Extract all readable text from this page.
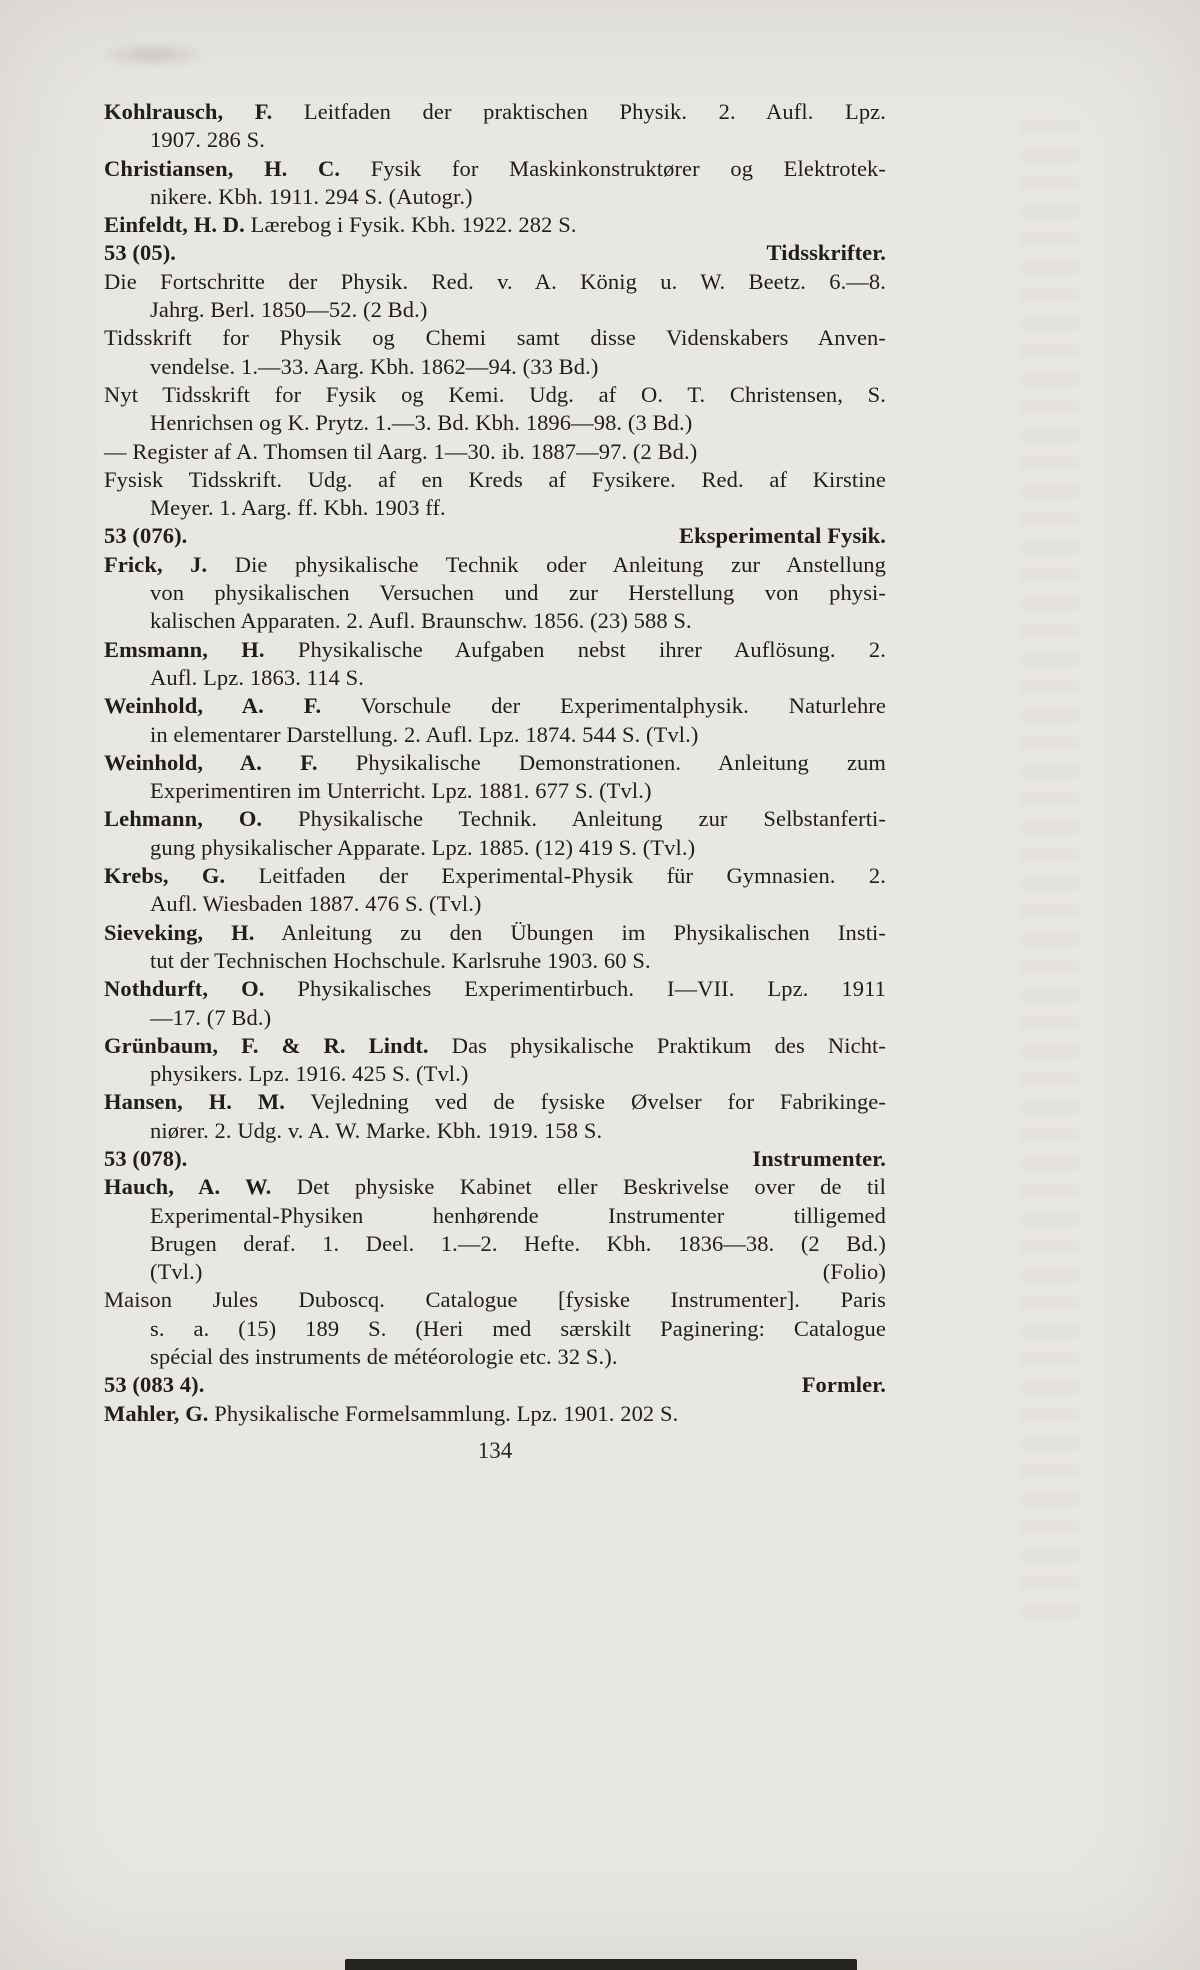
Kohlrausch, F. Leitfaden der praktischen Physik. 2. Aufl. Lpz.
1907. 286 S.
Christiansen, H. C. Fysik for Maskinkonstruktører og Elektrotek-
nikere. Kbh. 1911. 294 S. (Autogr.)
Einfeldt, H. D. Lærebog i Fysik. Kbh. 1922. 282 S.
53 (05).	Tidsskrifter.
Die Fortschritte der Physik. Red. v. A. König u. W. Beetz. 6.—8.
Jahrg. Berl. 1850—52. (2 Bd.)
Tidsskrift for Physik og Chemi samt disse Videnskabers Anven-
vendelse. 1.—33. Aarg. Kbh. 1862—94. (33 Bd.)
Nyt Tidsskrift for Fysik og Kemi. Udg. af O. T. Christensen, S.
Henrichsen og K. Prytz. 1.—3. Bd. Kbh. 1896—98. (3 Bd.)
— Register af A. Thomsen til Aarg. 1—30. ib. 1887—97. (2 Bd.)
Fysisk Tidsskrift. Udg. af en Kreds af Fysikere. Red. af Kirstine
Meyer. 1. Aarg. ff. Kbh. 1903 ff.
53 (076).	Eksperimental Fysik.
Frick, J. Die physikalische Technik oder Anleitung zur Anstellung
von physikalischen Versuchen und zur Herstellung von physi-
kalischen Apparaten. 2. Aufl. Braunschw. 1856. (23) 588 S.
Emsmann, H. Physikalische Aufgaben nebst ihrer Auflösung. 2.
Aufl. Lpz. 1863. 114 S.
Weinhold, A. F. Vorschule der Experimentalphysik. Naturlehre
in elementarer Darstellung. 2. Aufl. Lpz. 1874. 544 S. (Tvl.)
Weinhold, A. F. Physikalische Demonstrationen. Anleitung zum
Experimentiren im Unterricht. Lpz. 1881. 677 S. (Tvl.)
Lehmann, O. Physikalische Technik. Anleitung zur Selbstanferti-
gung physikalischer Apparate. Lpz. 1885. (12) 419 S. (Tvl.)
Krebs, G. Leitfaden der Experimental-Physik für Gymnasien. 2.
Aufl. Wiesbaden 1887. 476 S. (Tvl.)
Sieveking, H. Anleitung zu den Übungen im Physikalischen Insti-
tut der Technischen Hochschule. Karlsruhe 1903. 60 S.
Nothdurft, O. Physikalisches Experimentirbuch. I—VII. Lpz. 1911
—17. (7 Bd.)
Grünbaum, F. & R. Lindt. Das physikalische Praktikum des Nicht-
physikers. Lpz. 1916. 425 S. (Tvl.)
Hansen, H. M. Vejledning ved de fysiske Øvelser for Fabrikinge-
niører. 2. Udg. v. A. W. Marke. Kbh. 1919. 158 S.
53 (078).	Instrumenter.
Hauch, A. W. Det physiske Kabinet eller Beskrivelse over de til
Experimental-Physiken henhørende Instrumenter tilligemed
Brugen deraf. 1. Deel. 1.—2. Hefte. Kbh. 1836—38. (2 Bd.)
(Tvl.)	(Folio)
Maison Jules Duboscq. Catalogue [fysiske Instrumenter]. Paris
s. a. (15) 189 S. (Heri med særskilt Paginering: Catalogue
spécial des instruments de météorologie etc. 32 S.).
53 (083 4).	Formler.
Mahler, G. Physikalische Formelsammlung. Lpz. 1901. 202 S.
134
